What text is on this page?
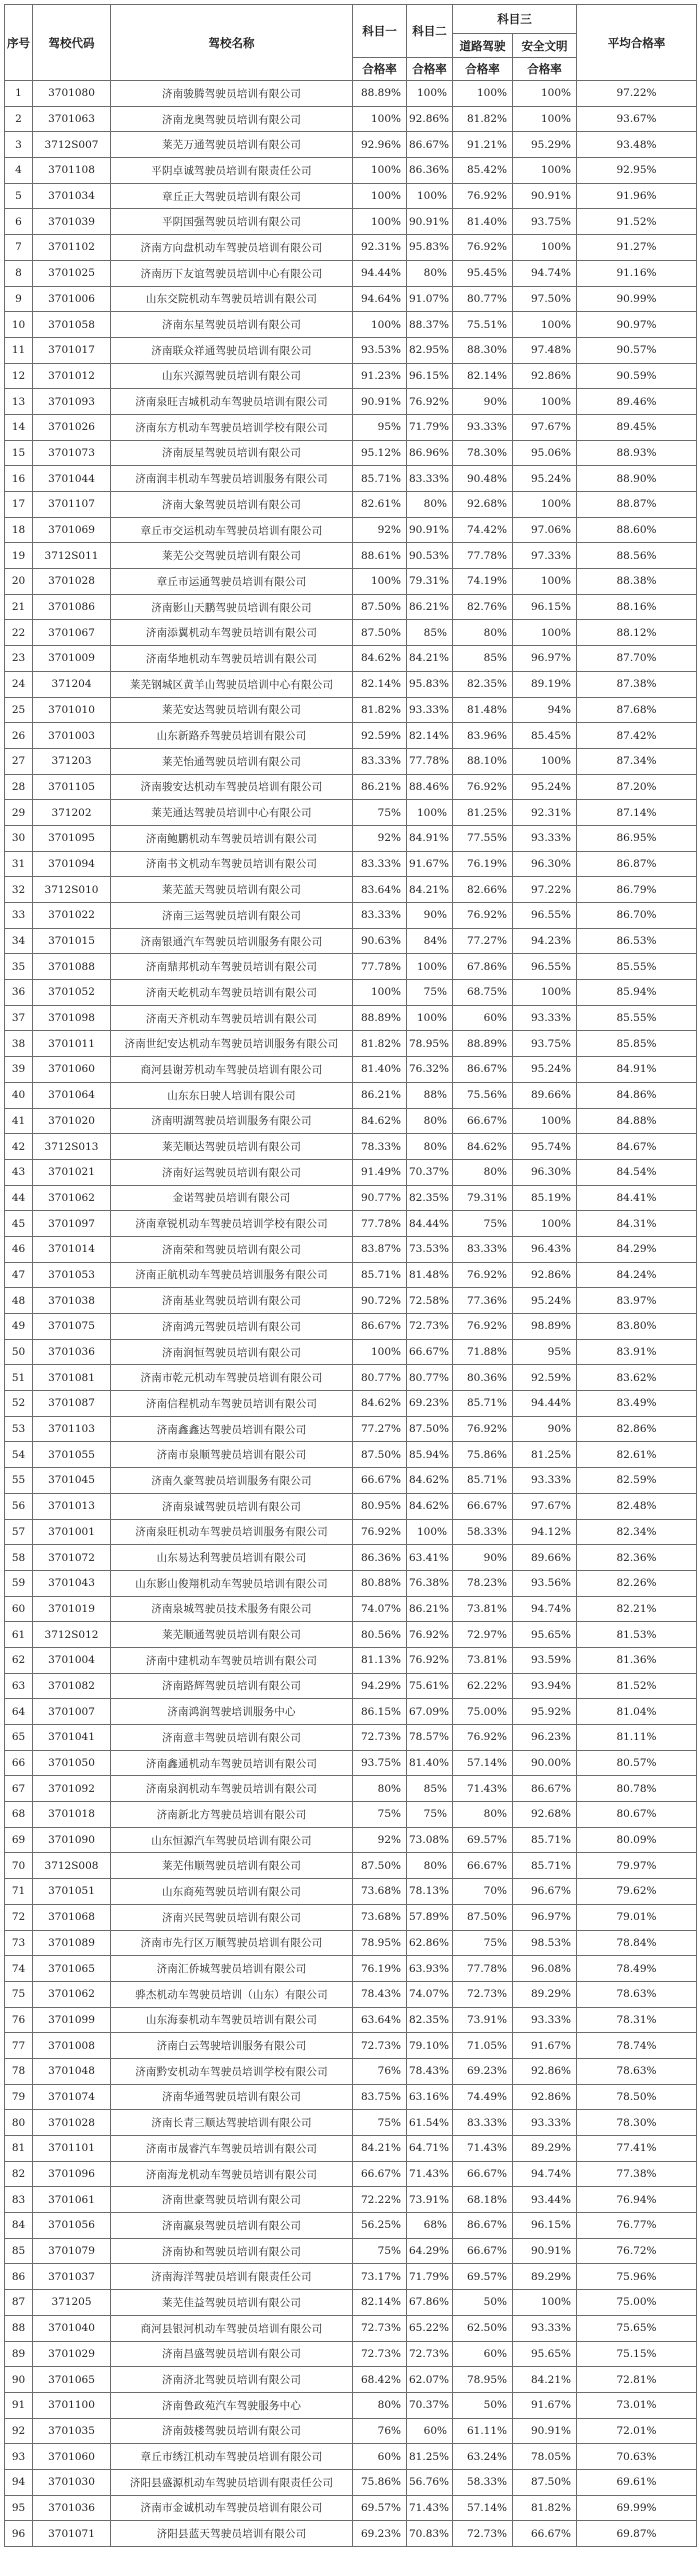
序号	驾校代码	驾校名称	科目一	科目二	科目三		平均合格率
					道路驾驶	安全文明	
			合格率	合格率	合格率	合格率	
1	3701080	济南骏腾驾驶员培训有限公司	88.89%	100%	100%	100%	97.22%
2	3701063	济南龙奥驾驶员培训有限公司	100%	92.86%	81.82%	100%	93.67%
3	3712S007	莱芜万通驾驶员培训有限公司	92.96%	86.67%	91.21%	95.29%	93.48%
4	3701108	平阴卓诚驾驶员培训有限责任公司	100%	86.36%	85.42%	100%	92.95%
5	3701034	章丘正大驾驶员培训有限公司	100%	100%	76.92%	90.91%	91.96%
6	3701039	平阴国强驾驶员培训有限公司	100%	90.91%	81.40%	93.75%	91.52%
7	3701102	济南方向盘机动车驾驶员培训有限公司	92.31%	95.83%	76.92%	100%	91.27%
8	3701025	济南历下友谊驾驶员培训中心有限公司	94.44%	80%	95.45%	94.74%	91.16%
9	3701006	山东交院机动车驾驶员培训有限公司	94.64%	91.07%	80.77%	97.50%	90.99%
10	3701058	济南东星驾驶员培训有限公司	100%	88.37%	75.51%	100%	90.97%
11	3701017	济南联众祥通驾驶员培训有限公司	93.53%	82.95%	88.30%	97.48%	90.57%
12	3701012	山东兴源驾驶员培训有限公司	91.23%	96.15%	82.14%	92.86%	90.59%
13	3701093	济南泉旺吉城机动车驾驶员培训有限公司	90.91%	76.92%	90%	100%	89.46%
14	3701026	济南东方机动车驾驶员培训学校有限公司	95%	71.79%	93.33%	97.67%	89.45%
15	3701073	济南辰星驾驶员培训有限公司	95.12%	86.96%	78.30%	95.06%	88.93%
16	3701044	济南润丰机动车驾驶员培训服务有限公司	85.71%	83.33%	90.48%	95.24%	88.90%
17	3701107	济南大象驾驶员培训有限公司	82.61%	80%	92.68%	100%	88.87%
18	3701069	章丘市交运机动车驾驶员培训有限公司	92%	90.91%	74.42%	97.06%	88.60%
19	3712S011	莱芜公交驾驶员培训有限公司	88.61%	90.53%	77.78%	97.33%	88.56%
20	3701028	章丘市运通驾驶员培训有限公司	100%	79.31%	74.19%	100%	88.38%
21	3701086	济南影山天鹏驾驶员培训有限公司	87.50%	86.21%	82.76%	96.15%	88.16%
22	3701067	济南添翼机动车驾驶员培训有限公司	87.50%	85%	80%	100%	88.12%
23	3701009	济南华地机动车驾驶员培训有限公司	84.62%	84.21%	85%	96.97%	87.70%
24	371204	莱芜钢城区黄羊山驾驶员培训中心有限公司	82.14%	95.83%	82.35%	89.19%	87.38%
25	3701010	莱芜安达驾驶员培训有限公司	81.82%	93.33%	81.48%	94%	87.68%
26	3701003	山东新路乔驾驶员培训有限公司	92.59%	82.14%	83.96%	85.45%	87.42%
27	371203	莱芜怡通驾驶员培训有限公司	83.33%	77.78%	88.10%	100%	87.34%
28	3701105	济南骏安达机动车驾驶员培训有限公司	86.21%	88.46%	76.92%	95.24%	87.20%
29	371202	莱芜通达驾驶员培训中心有限公司	75%	100%	81.25%	92.31%	87.14%
30	3701095	济南鲍鹏机动车驾驶员培训有限公司	92%	84.91%	77.55%	93.33%	86.95%
31	3701094	济南书文机动车驾驶员培训有限公司	83.33%	91.67%	76.19%	96.30%	86.87%
32	3712S010	莱芜蓝天驾驶员培训有限公司	83.64%	84.21%	82.66%	97.22%	86.79%
33	3701022	济南三运驾驶员培训有限公司	83.33%	90%	76.92%	96.55%	86.70%
34	3701015	济南银通汽车驾驶员培训服务有限公司	90.63%	84%	77.27%	94.23%	86.53%
35	3701088	济南鼎邦机动车驾驶员培训有限公司	77.78%	100%	67.86%	96.55%	85.55%
36	3701052	济南天屹机动车驾驶员培训有限公司	100%	75%	68.75%	100%	85.94%
37	3701098	济南天齐机动车驾驶员培训有限公司	88.89%	100%	60%	93.33%	85.55%
38	3701011	济南世纪安达机动车驾驶员培训服务有限公司	81.82%	78.95%	88.89%	93.75%	85.85%
39	3701060	商河县谢芳机动车驾驶员培训有限公司	81.40%	76.32%	86.67%	95.24%	84.91%
40	3701064	山东东日驶人培训有限公司	86.21%	88%	75.56%	89.66%	84.86%
41	3701020	济南明湖驾驶员培训服务有限公司	84.62%	80%	66.67%	100%	84.88%
42	3712S013	莱芜顺达驾驶员培训有限公司	78.33%	80%	84.62%	95.74%	84.67%
43	3701021	济南好运驾驶员培训有限公司	91.49%	70.37%	80%	96.30%	84.54%
44	3701062	金诺驾驶员培训有限公司	90.77%	82.35%	79.31%	85.19%	84.41%
45	3701097	济南章锐机动车驾驶员培训学校有限公司	77.78%	84.44%	75%	100%	84.31%
46	3701014	济南荣和驾驶员培训有限公司	83.87%	73.53%	83.33%	96.43%	84.29%
47	3701053	济南正航机动车驾驶员培训服务有限公司	85.71%	81.48%	76.92%	92.86%	84.24%
48	3701038	济南基业驾驶员培训有限公司	90.72%	72.58%	77.36%	95.24%	83.97%
49	3701075	济南鸿元驾驶员培训有限公司	86.67%	72.73%	76.92%	98.89%	83.80%
50	3701036	济南润恒驾驶员培训有限公司	100%	66.67%	71.88%	95%	83.91%
51	3701081	济南市乾元机动车驾驶员培训有限公司	80.77%	80.77%	80.36%	92.59%	83.62%
52	3701087	济南信程机动车驾驶员培训有限公司	84.62%	69.23%	85.71%	94.44%	83.49%
53	3701103	济南鑫鑫达驾驶员培训有限公司	77.27%	87.50%	76.92%	90%	82.86%
54	3701055	济南市泉顺驾驶员培训有限公司	87.50%	85.94%	75.86%	81.25%	82.61%
55	3701045	济南久豪驾驶员培训服务有限公司	66.67%	84.62%	85.71%	93.33%	82.59%
56	3701013	济南泉诚驾驶员培训有限公司	80.95%	84.62%	66.67%	97.67%	82.48%
57	3701001	济南泉旺机动车驾驶员培训服务有限公司	76.92%	100%	58.33%	94.12%	82.34%
58	3701072	山东易达利驾驶员培训有限公司	86.36%	63.41%	90%	89.66%	82.36%
59	3701043	山东影山俊翔机动车驾驶员培训有限公司	80.88%	76.38%	78.23%	93.56%	82.26%
60	3701019	济南泉城驾驶员技术服务有限公司	74.07%	86.21%	73.81%	94.74%	82.21%
61	3712S012	莱芜顺通驾驶员培训有限公司	80.56%	76.92%	72.97%	95.65%	81.53%
62	3701004	济南中建机动车驾驶员培训有限公司	81.13%	76.92%	73.81%	93.59%	81.36%
63	3701082	济南路辉驾驶员培训有限公司	94.29%	75.61%	62.22%	93.94%	81.52%
64	3701007	济南鸿润驾驶培训服务中心	86.15%	67.09%	75.00%	95.92%	81.04%
65	3701041	济南意丰驾驶员培训有限公司	72.73%	78.57%	76.92%	96.23%	81.11%
66	3701050	济南鑫通机动车驾驶员培训有限公司	93.75%	81.40%	57.14%	90.00%	80.57%
67	3701092	济南泉润机动车驾驶员培训有限公司	80%	85%	71.43%	86.67%	80.78%
68	3701018	济南新北方驾驶员培训有限公司	75%	75%	80%	92.68%	80.67%
69	3701090	山东恒源汽车驾驶员培训有限公司	92%	73.08%	69.57%	85.71%	80.09%
70	3712S008	莱芜伟顺驾驶员培训有限公司	87.50%	80%	66.67%	85.71%	79.97%
71	3701051	山东商苑驾驶员培训有限公司	73.68%	78.13%	70%	96.67%	79.62%
72	3701068	济南兴民驾驶员培训有限公司	73.68%	57.89%	87.50%	96.97%	79.01%
73	3701089	济南市先行区万顺驾驶员培训有限公司	78.95%	62.86%	75%	98.53%	78.84%
74	3701065	济南汇侨城驾驶员培训有限公司	76.19%	63.93%	77.78%	96.08%	78.49%
75	3701062	骅杰机动车驾驶员培训（山东）有限公司	78.43%	74.07%	72.73%	89.29%	78.63%
76	3701099	山东海泰机动车驾驶员培训有限公司	63.64%	82.35%	73.91%	93.33%	78.31%
77	3701008	济南白云驾驶培训服务有限公司	72.73%	79.10%	71.05%	91.67%	78.74%
78	3701048	济南黔安机动车驾驶员培训学校有限公司	76%	78.43%	69.23%	92.86%	78.63%
79	3701074	济南华通驾驶员培训有限公司	83.75%	63.16%	74.49%	92.86%	78.50%
80	3701028	济南长青三顺达驾驶培训有限公司	75%	61.54%	83.33%	93.33%	78.30%
81	3701101	济南市晟睿汽车驾驶员培训有限公司	84.21%	64.71%	71.43%	89.29%	77.41%
82	3701096	济南海龙机动车驾驶员培训有限公司	66.67%	71.43%	66.67%	94.74%	77.38%
83	3701061	济南世豪驾驶员培训有限公司	72.22%	73.91%	68.18%	93.44%	76.94%
84	3701056	济南赢泉驾驶员培训有限公司	56.25%	68%	86.67%	96.15%	76.77%
85	3701079	济南协和驾驶员培训有限公司	75%	64.29%	66.67%	90.91%	76.72%
86	3701037	济南海洋驾驶员培训有限责任公司	73.17%	71.79%	69.57%	89.29%	75.96%
87	371205	莱芜佳益驾驶员培训有限公司	82.14%	67.86%	50%	100%	75.00%
88	3701040	商河县银河机动车驾驶员培训有限公司	72.73%	65.22%	62.50%	93.33%	75.65%
89	3701029	济南昌盛驾驶员培训有限公司	72.73%	72.73%	60%	95.65%	75.15%
90	3701065	济南济北驾驶员培训有限公司	68.42%	62.07%	78.95%	84.21%	72.81%
91	3701100	济南鲁政苑汽车驾驶服务中心	80%	70.37%	50%	91.67%	73.01%
92	3701035	济南鼓楼驾驶员培训有限公司	76%	60%	61.11%	90.91%	72.01%
93	3701060	章丘市绣江机动车驾驶员培训有限公司	60%	81.25%	63.24%	78.05%	70.63%
94	3701030	济阳县盛源机动车驾驶员培训有限责任公司	75.86%	56.76%	58.33%	87.50%	69.61%
95	3701036	济南市金诚机动车驾驶员培训有限公司	69.57%	71.43%	57.14%	81.82%	69.99%
96	3701071	济阳县蓝天驾驶员培训有限公司	69.23%	70.83%	72.73%	66.67%	69.87%
